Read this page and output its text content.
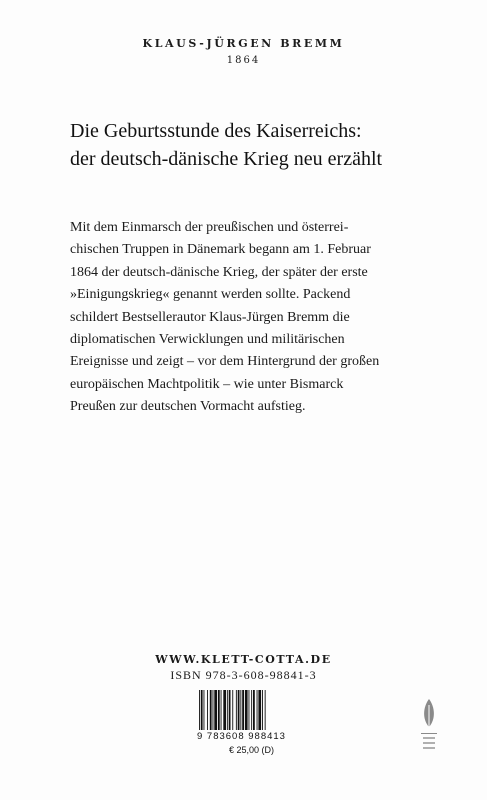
KLAUS-JÜRGEN BREMM
1864
Die Geburtsstunde des Kaiserreichs:
der deutsch-dänische Krieg neu erzählt
Mit dem Einmarsch der preußischen und österrei-
chischen Truppen in Dänemark begann am 1. Februar
1864 der deutsch-dänische Krieg, der später der erste
»Einigungskrieg« genannt werden sollte. Packend
schildert Bestsellerautor Klaus-Jürgen Bremm die
diplomatischen Verwicklungen und militärischen
Ereignisse und zeigt – vor dem Hintergrund der großen
europäischen Machtpolitik – wie unter Bismarck
Preußen zur deutschen Vormacht aufstieg.
WWW.KLETT-COTTA.DE
ISBN 978-3-608-98841-3
9 783608 988413
€ 25,00 (D)
